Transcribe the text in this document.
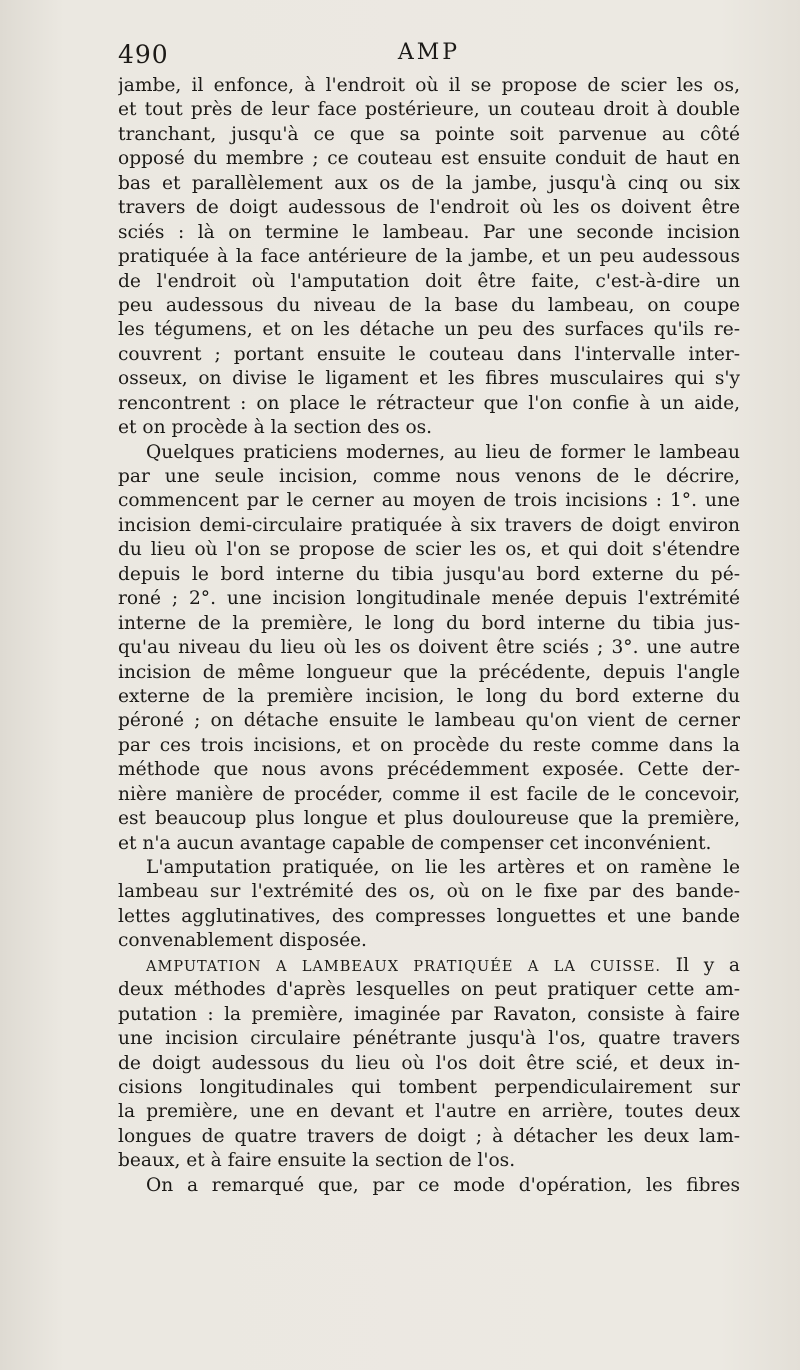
490	AMP
jambe, il enfonce, à l'endroit où il se propose de scier les os,
et tout près de leur face postérieure, un couteau droit à double
tranchant, jusqu'à ce que sa pointe soit parvenue au côté
opposé du membre ; ce couteau est ensuite conduit de haut en
bas et parallèlement aux os de la jambe, jusqu'à cinq ou six
travers de doigt audessous de l'endroit où les os doivent être
sciés : là on termine le lambeau. Par une seconde incision
pratiquée à la face antérieure de la jambe, et un peu audessous
de l'endroit où l'amputation doit être faite, c'est-à-dire un
peu audessous du niveau de la base du lambeau, on coupe
les tégumens, et on les détache un peu des surfaces qu'ils re-
couvrent ; portant ensuite le couteau dans l'intervalle inter-
osseux, on divise le ligament et les fibres musculaires qui s'y
rencontrent : on place le rétracteur que l'on confie à un aide,
et on procède à la section des os.
Quelques praticiens modernes, au lieu de former le lambeau
par une seule incision, comme nous venons de le décrire,
commencent par le cerner au moyen de trois incisions : 1°. une
incision demi-circulaire pratiquée à six travers de doigt environ
du lieu où l'on se propose de scier les os, et qui doit s'étendre
depuis le bord interne du tibia jusqu'au bord externe du pé-
roné ; 2°. une incision longitudinale menée depuis l'extrémité
interne de la première, le long du bord interne du tibia jus-
qu'au niveau du lieu où les os doivent être sciés ; 3°. une autre
incision de même longueur que la précédente, depuis l'angle
externe de la première incision, le long du bord externe du
péroné ; on détache ensuite le lambeau qu'on vient de cerner
par ces trois incisions, et on procède du reste comme dans la
méthode que nous avons précédemment exposée. Cette der-
nière manière de procéder, comme il est facile de le concevoir,
est beaucoup plus longue et plus douloureuse que la première,
et n'a aucun avantage capable de compenser cet inconvénient.
L'amputation pratiquée, on lie les artères et on ramène le
lambeau sur l'extrémité des os, où on le fixe par des bande-
lettes agglutinatives, des compresses longuettes et une bande
convenablement disposée.
AMPUTATION A LAMBEAUX PRATIQUÉE A LA CUISSE. Il y a
deux méthodes d'après lesquelles on peut pratiquer cette am-
putation : la première, imaginée par Ravaton, consiste à faire
une incision circulaire pénétrante jusqu'à l'os, quatre travers
de doigt audessous du lieu où l'os doit être scié, et deux in-
cisions longitudinales qui tombent perpendiculairement sur
la première, une en devant et l'autre en arrière, toutes deux
longues de quatre travers de doigt ; à détacher les deux lam-
beaux, et à faire ensuite la section de l'os.
On a remarqué que, par ce mode d'opération, les fibres
